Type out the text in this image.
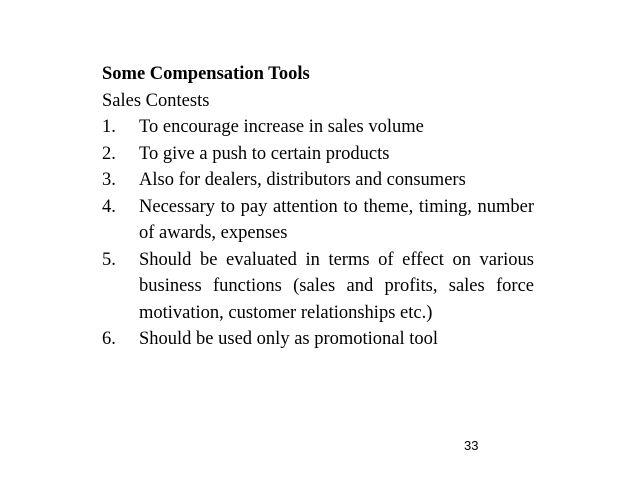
Some Compensation Tools

Sales Contests

1.	To encourage increase in sales volume
2.	To give a push to certain products
3.	Also for dealers, distributors and consumers
4.	Necessary to pay attention to theme, timing, number of awards, expenses
5.	Should be evaluated in terms of effect on various business functions (sales and profits, sales force motivation, customer relationships etc.)
6.	Should be used only as promotional tool
33
